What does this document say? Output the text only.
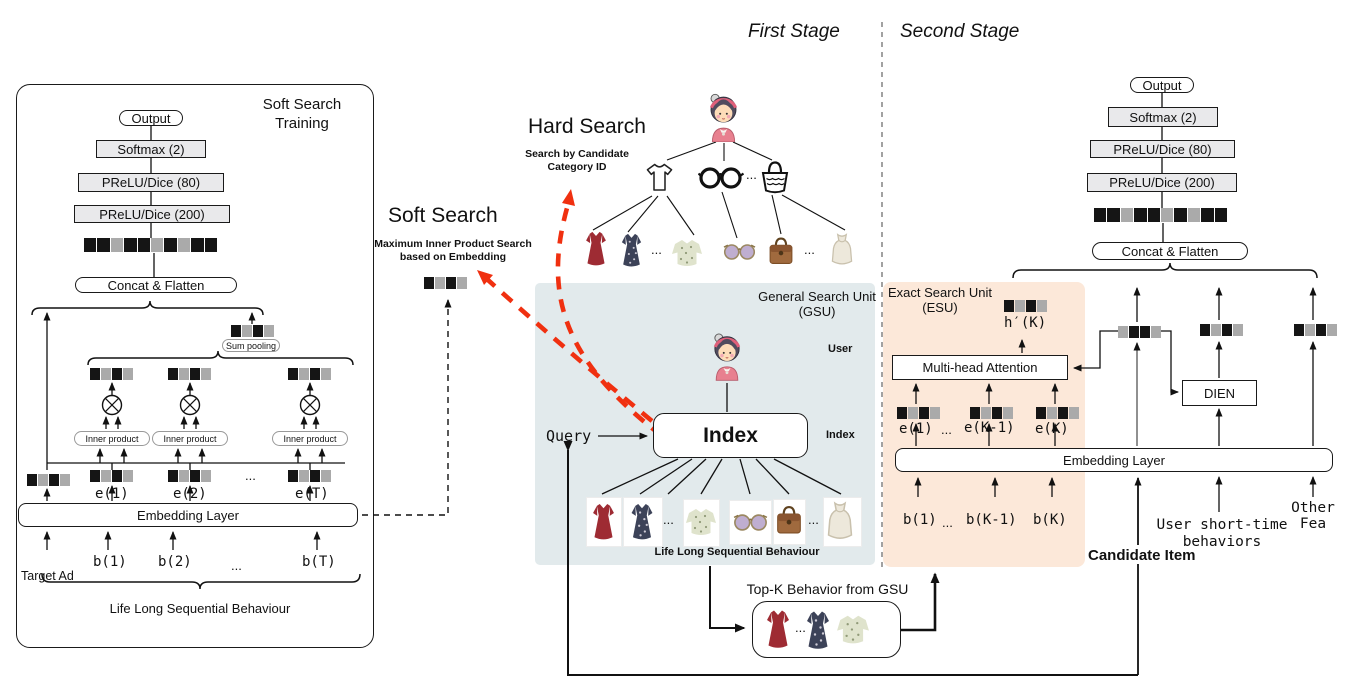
First Stage	Second Stage
Hard Search
Search by Candidate
Category ID
Soft Search
Maximum Inner Product Search
based on Embedding
Soft Search
Training
Output
Softmax (2)
PReLU/Dice (80)
PReLU/Dice (200)
Concat & Flatten
Sum pooling
Inner product	Inner product	Inner product
e(1)	e(2)
...
e(T)
Embedding Layer
b(1) b(2)	...	b(T)
Target Ad
Life Long Sequential Behaviour
General Search Unit
(GSU)
User
Index
Query	Index
...	...
Life Long Sequential Behaviour
...
...	...
Exact Search Unit
(ESU)
h′(K)
Multi-head Attention
e(1) ... e(K-1) e(K)
Embedding Layer
b(1) ... b(K-1) b(K)
Output
Softmax (2)
PReLU/Dice (80)
PReLU/Dice (200)
Concat & Flatten
DIEN
Top-K Behavior from GSU
...
Candidate Item
User short-time
behaviors
Other
Fea
